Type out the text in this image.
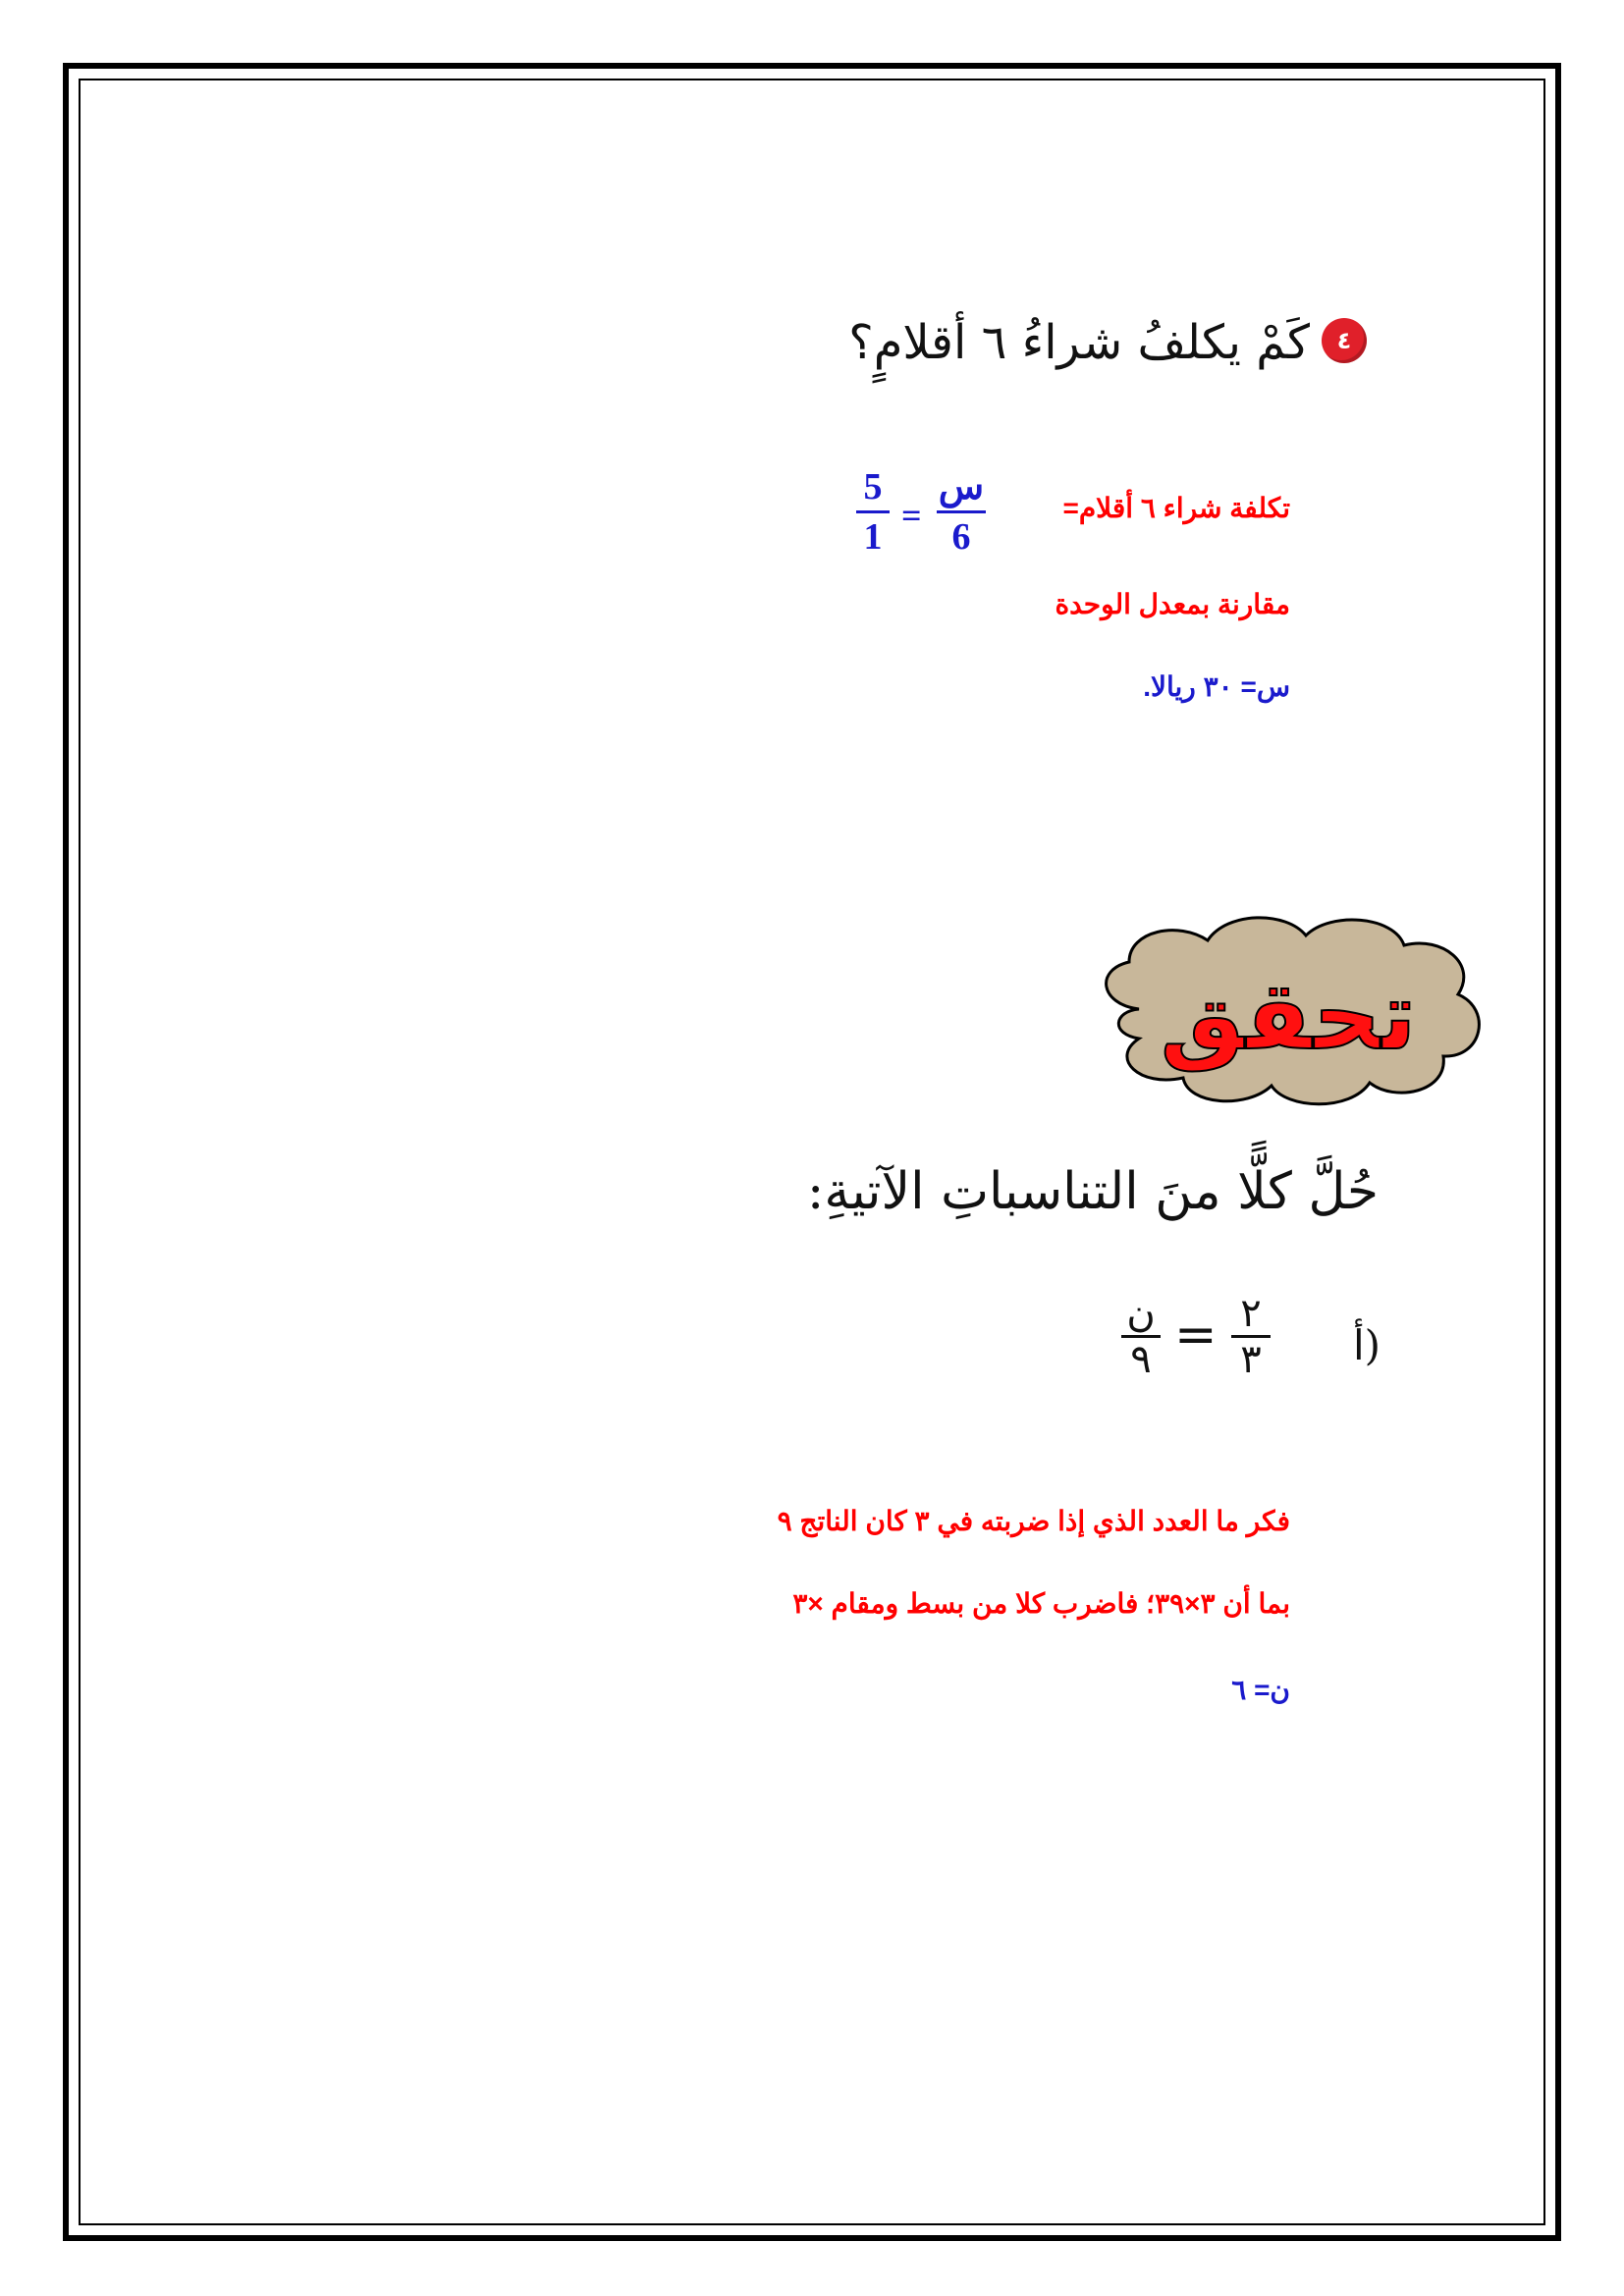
٤
كَمْ يكلفُ شراءُ ٦ أقلامٍ؟
تكلفة شراء ٦ أقلام=
س
6
=
5
1
مقارنة بمعدل الوحدة
س= ٣٠ ريالا.
تحقق
حُلَّ كلًّا منَ التناسباتِ الآتيةِ:
أ)
٢
٣
=
ن
٩
فكر ما العدد الذي إذا ضربته في ٣ كان الناتج ٩
بما أن ٣×٣٩؛ فاضرب كلا من بسط ومقام ×٣
ن= ٦
